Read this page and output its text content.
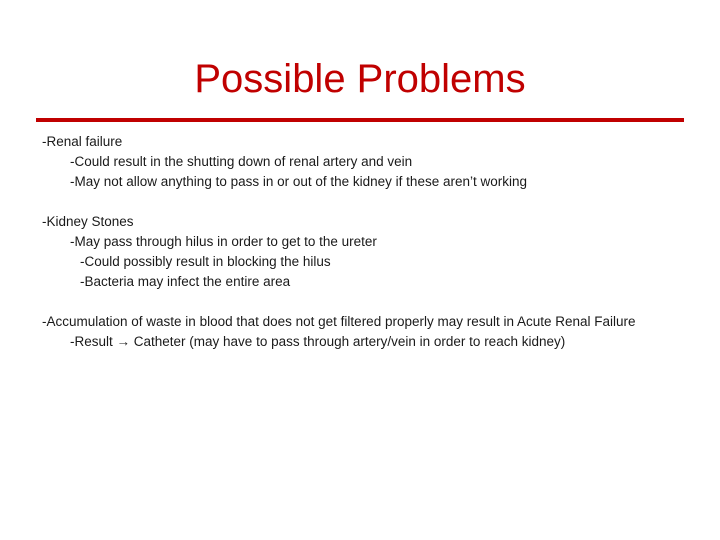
Possible Problems
-Renal failure
-Could result in the shutting down of renal artery and vein
-May not allow anything to pass in or out of the kidney if these aren’t working
-Kidney Stones
-May pass through hilus in order to get to the ureter
-Could possibly result in blocking the hilus
-Bacteria may infect the entire area
-Accumulation of waste in blood that does not get filtered properly may result in Acute Renal Failure
-Result → Catheter (may have to pass through artery/vein in order to reach kidney)
